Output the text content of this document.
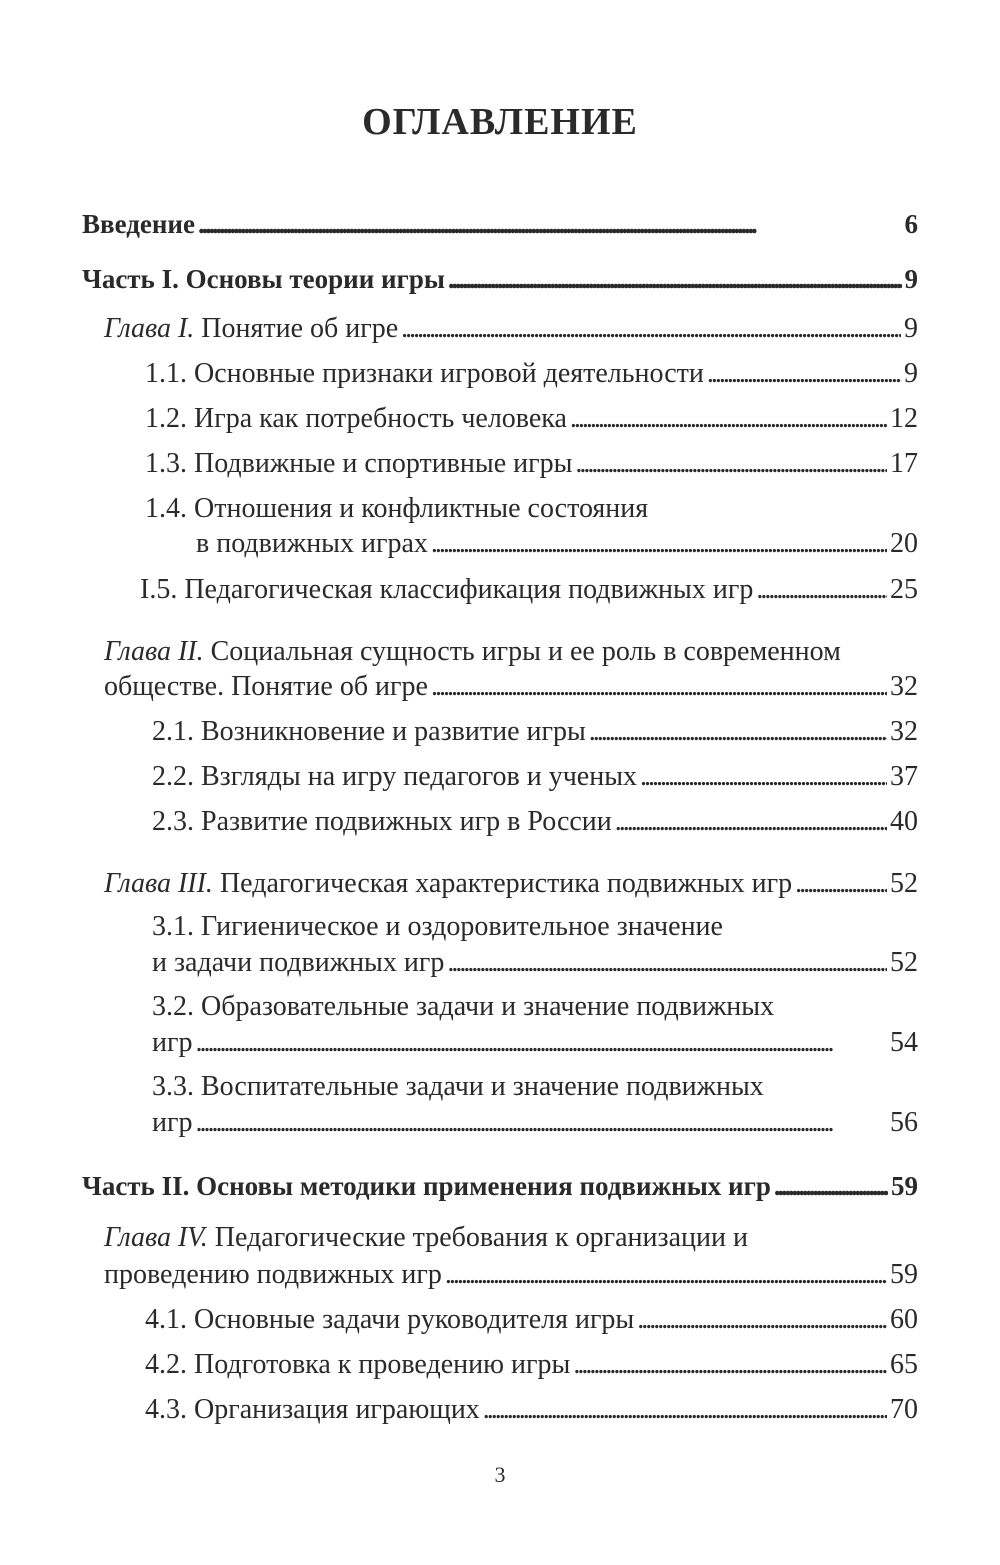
ОГЛАВЛЕНИЕ
Введение . . .	6
Часть I. Основы теории игры . . .	9
Глава I.
Понятие об игре . . .	9
1.1. Основные признаки игровой деятельности . . .	9
1.2. Игра как потребность человека . . .	12
1.3. Подвижные и спортивные игры . . .	17
1.4. Отношения и конфликтные состояния
в подвижных играх . . .	20
I.5. Педагогическая классификация подвижных игр . . .	25
Глава II. Социальная сущность игры и ее роль в современном
обществе. Понятие об игре . . .	32
2.1. Возникновение и развитие игры . . .	32
2.2. Взгляды на игру педагогов и ученых . . .	37
2.3. Развитие подвижных игр в России . . .	40
Глава III.
Педагогическая характеристика подвижных игр . . .	52
3.1. Гигиеническое и оздоровительное значение
и задачи подвижных игр . . .	52
3.2. Образовательные задачи и значение подвижных
игр . . .	54
3.3. Воспитательные задачи и значение подвижных
игр . . .	56
Часть II. Основы методики применения подвижных игр . . .	59
Глава IV. Педагогические требования к организации и
проведению подвижных игр . . .	59
4.1. Основные задачи руководителя игры . . .	60
4.2. Подготовка к проведению игры . . .	65
4.3. Организация играющих . . .	70
3
